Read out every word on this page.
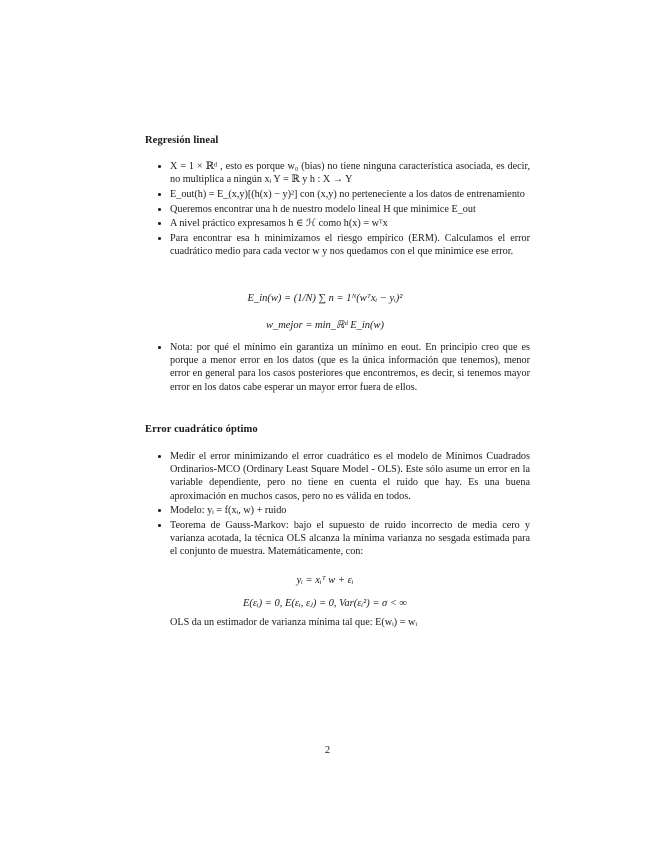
Regresión lineal
• X = 1 × ℝᵈ , esto es porque w₀ (bias) no tiene ninguna característica asociada, es decir, no multiplica a ningún xᵢ Y = ℝ y h : X → Y
• E_out(h) = E_(x,y)[(h(x) − y)²] con (x,y) no perteneciente a los datos de entrenamiento
• Queremos encontrar una h de nuestro modelo lineal H que minimice E_out
• A nivel práctico expresamos h ∈ ℋ como h(x) = wᵀx
• Para encontrar esa h minimizamos el riesgo empírico (ERM). Calculamos el error cuadrático medio para cada vector w y nos quedamos con el que minimice ese error.
E_in(w) = (1/N) ∑ n = 1ᴺ(wᵀxᵢ − yᵢ)²
w_mejor = min_ℝᵈ E_in(w)
• Nota: por qué el mínimo ein garantiza un mínimo en eout. En principio creo que es porque a menor error en los datos (que es la única información que tenemos), menor error en general para los casos posteriores que encontremos, es decir, si tenemos mayor error en los datos cabe esperar un mayor error fuera de ellos.
Error cuadrático óptimo
• Medir el error minimizando el error cuadrático es el modelo de Mínimos Cuadrados Ordinarios-MCO (Ordinary Least Square Model - OLS). Este sólo asume un error en la variable dependiente, pero no tiene en cuenta el ruido que hay. Es una buena aproximación en muchos casos, pero no es válida en todos.
• Modelo: yᵢ = f(xᵢ, w) + ruido
• Teorema de Gauss-Markov: bajo el supuesto de ruido incorrecto de media cero y varianza acotada, la técnica OLS alcanza la mínima varianza no sesgada estimada para el conjunto de muestra. Matemáticamente, con:
yᵢ = xᵢᵀ w + εᵢ
E(εᵢ) = 0, E(εᵢ, εⱼ) = 0, Var(εᵢ²) = σ < ∞
OLS da un estimador de varianza mínima tal que: E(wᵢ) = wᵢ
2
